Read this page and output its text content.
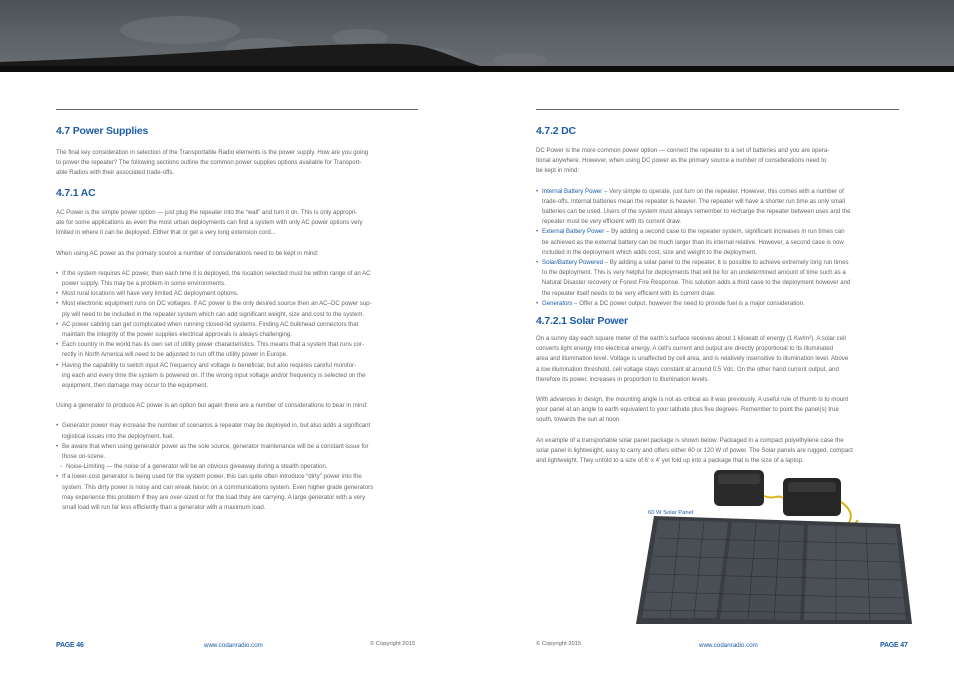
4.7 Power Supplies

The final key consideration in selection of the Transportable Radio elements is the power supply. How are you going

to power the repeater? The following sections outline the common power supplies options available for Transport-

able Radios with their associated trade-offs.

4.7.1 AC

AC Power is the simple power option — just plug the repeater into the “wall” and turn it on. This is only appropri-

ate for some applications as even the most urban deployments can find a system with only AC power options very

limited in where it can be deployed. Either that or get a very long extension cord...

When using AC power as the primary source a number of considerations need to be kept in mind:

• If the system requires AC power, then each time it is deployed, the location selected must be within range of an AC
power supply. This may be a problem in some environments.
• Most rural locations will have very limited AC deployment options.
• Most electronic equipment runs on DC voltages. If AC power is the only desired source then an AC–DC power sup-
ply will need to be included in the repeater system which can add significant weight, size and cost to the system.
• AC power cabling can get complicated when running closed-lid systems. Finding AC bulkhead connectors that
maintain the integrity of the power supplies electrical approvals is always challenging.
• Each country in the world has its own set of utility power characteristics. This means that a system that runs cor-
rectly in North America will need to be adjusted to run off the utility power in Europe.
• Having the capability to switch input AC frequency and voltage is beneficial, but also requires careful monitor-
ing each and every time the system is powered on. If the wrong input voltage and/or frequency is selected on the
equipment, then damage may occur to the equipment.

Using a generator to produce AC power is an option but again there are a number of considerations to bear in mind:

• Generator power may increase the number of scenarios a repeater may be deployed in, but also adds a significant
logistical issues into the deployment, fuel.
• Be aware that when using generator power as the sole source, generator maintenance will be a constant issue for
those on-scene.
◦ Noise-Limiting — the noise of a generator will be an obvious giveaway during a stealth operation.
• If a lower-cost generator is being used for the system power, this can quite often introduce “dirty” power into the
system. This dirty power is noisy and can wreak havoc on a communications system. Even higher grade generators
may experience this problem if they are over-sized or for the load they are carrying. A large generator with a very
small load will run far less efficiently than a generator with a maximum load.
PAGE 46	www.codanradio.com	© Copyright 2015
4.7.2 DC

DC Power is the more common power option — connect the repeater to a set of batteries and you are opera-

tional anywhere. However, when using DC power as the primary source a number of considerations need to

be kept in mind:

• Internal Battery Power – Very simple to operate, just turn on the repeater. However, this comes with a number of
trade-offs. Internal batteries mean the repeater is heavier. The repeater will have a shorter run time as only small
batteries can be used. Users of the system must always remember to recharge the repeater between uses and the
repeater must be very efficient with its current draw.
• External Battery Power – By adding a second case to the repeater system, significant increases in run times can
be achieved as the external battery can be much larger than its internal relative. However, a second case is now
included in the deployment which adds cost, size and weight to the deployment.
• Solar/Battery Powered – By adding a solar panel to the repeater, it is possible to achieve extremely long run times
to the deployment. This is very helpful for deployments that will be for an undetermined amount of time such as a
Natural Disaster recovery or Forest Fire Response. This solution adds a third case to the deployment however and
the repeater itself needs to be very efficient with its current draw.
• Generators – Offer a DC power output, however the need to provide fuel is a major consideration.
4.7.2.1 Solar Power

On a sunny day each square meter of the earth’s surface receives about 1 kilowatt of energy (1 Kw/m²). A solar cell

converts light energy into electrical energy. A cell’s current and output are directly proportional to its illuminated

area and illumination level. Voltage is unaffected by cell area, and is relatively insensitive to illumination level. Above

a low illumination threshold, cell voltage stays constant at around 0.5 Vdc. On the other hand current output, and

therefore its power, increases in proportion to illumination levels.

With advances in design, the mounting angle is not as critical as it was previously. A useful rule of thumb is to mount

your panel at an angle to earth equivalent to your latitude plus five degrees. Remember to point the panel(s) true

south, towards the sun at noon.

An example of a transportable solar panel package is shown below. Packaged in a compact polyethylene case the

solar panel is lightweight, easy to carry and offers either 60 or 120 W of power. The Solar panels are rugged, compact

and lightweight. They unfold to a size of 6’ x 4’ yet fold up into a package that is the size of a laptop.

60 W Solar Panel
© Copyright 2015	www.codanradio.com	PAGE 47
